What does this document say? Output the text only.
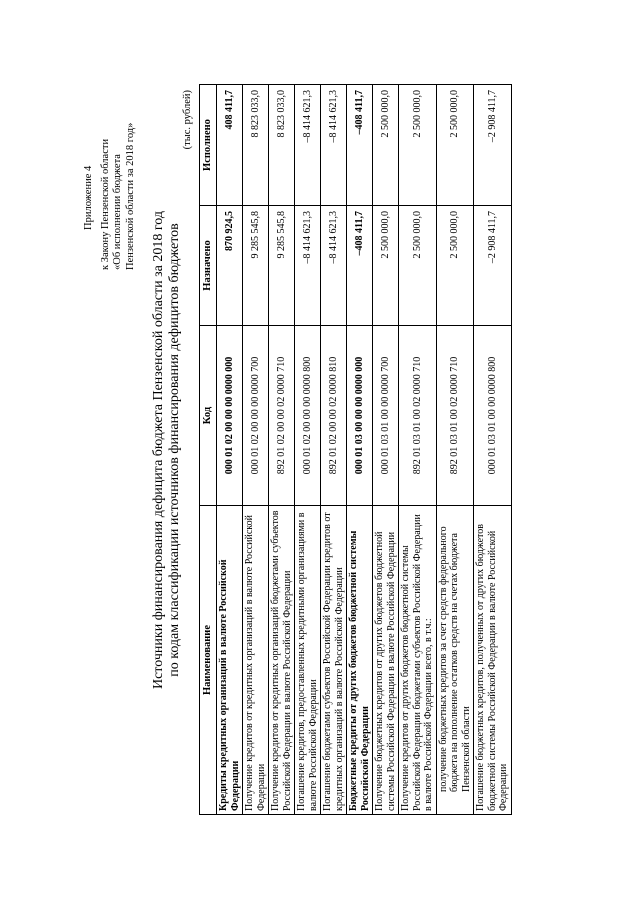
Приложение 4 к Закону Пензенской области «Об исполнении бюджета Пензенской области за 2018 год»
Источники финансирования дефицита бюджета Пензенской области за 2018 год по кодам классификации источников финансирования дефицитов бюджетов
(тыс. рублей)
Наименование	Код	Назначено	Исполнено
Кредиты кредитных организаций в валюте Российской Федерации	000 01 02 00 00 00 0000 000	870 924,5	408 411,7
Получение кредитов от кредитных организаций в валюте Российской Федерации	000 01 02 00 00 00 0000 700	9 285 545,8	8 823 033,0
Получение кредитов от кредитных организаций бюджетами субъектов Российской Федерации в валюте Российской Федерации	892 01 02 00 00 02 0000 710	9 285 545,8	8 823 033,0
Погашение кредитов, предоставленных кредитными организациями в валюте Российской Федерации	000 01 02 00 00 00 0000 800	–8 414 621,3	–8 414 621,3
Погашение бюджетами субъектов Российской Федерации кредитов от кредитных организаций в валюте Российской Федерации	892 01 02 00 00 02 0000 810	–8 414 621,3	–8 414 621,3
Бюджетные кредиты от других бюджетов бюджетной системы Российской Федерации	000 01 03 00 00 00 0000 000	–408 411,7	–408 411,7
Получение бюджетных кредитов от других бюджетов бюджетной системы Российской Федерации в валюте Российской Федерации	000 01 03 01 00 00 0000 700	2 500 000,0	2 500 000,0
Получение кредитов от других бюджетов бюджетной системы Российской Федерации бюджетами субъектов Российской Федерации в валюте Российской Федерации всего, в т.ч.:	892 01 03 01 00 02 0000 710	2 500 000,0	2 500 000,0
получение бюджетных кредитов за счет средств федерального бюджета на пополнение остатков средств на счетах бюджета Пензенской области	892 01 03 01 00 02 0000 710	2 500 000,0	2 500 000,0
Погашение бюджетных кредитов, полученных от других бюджетов бюджетной системы Российской Федерации в валюте Российской Федерации	000 01 03 01 00 00 0000 800	–2 908 411,7	–2 908 411,7
